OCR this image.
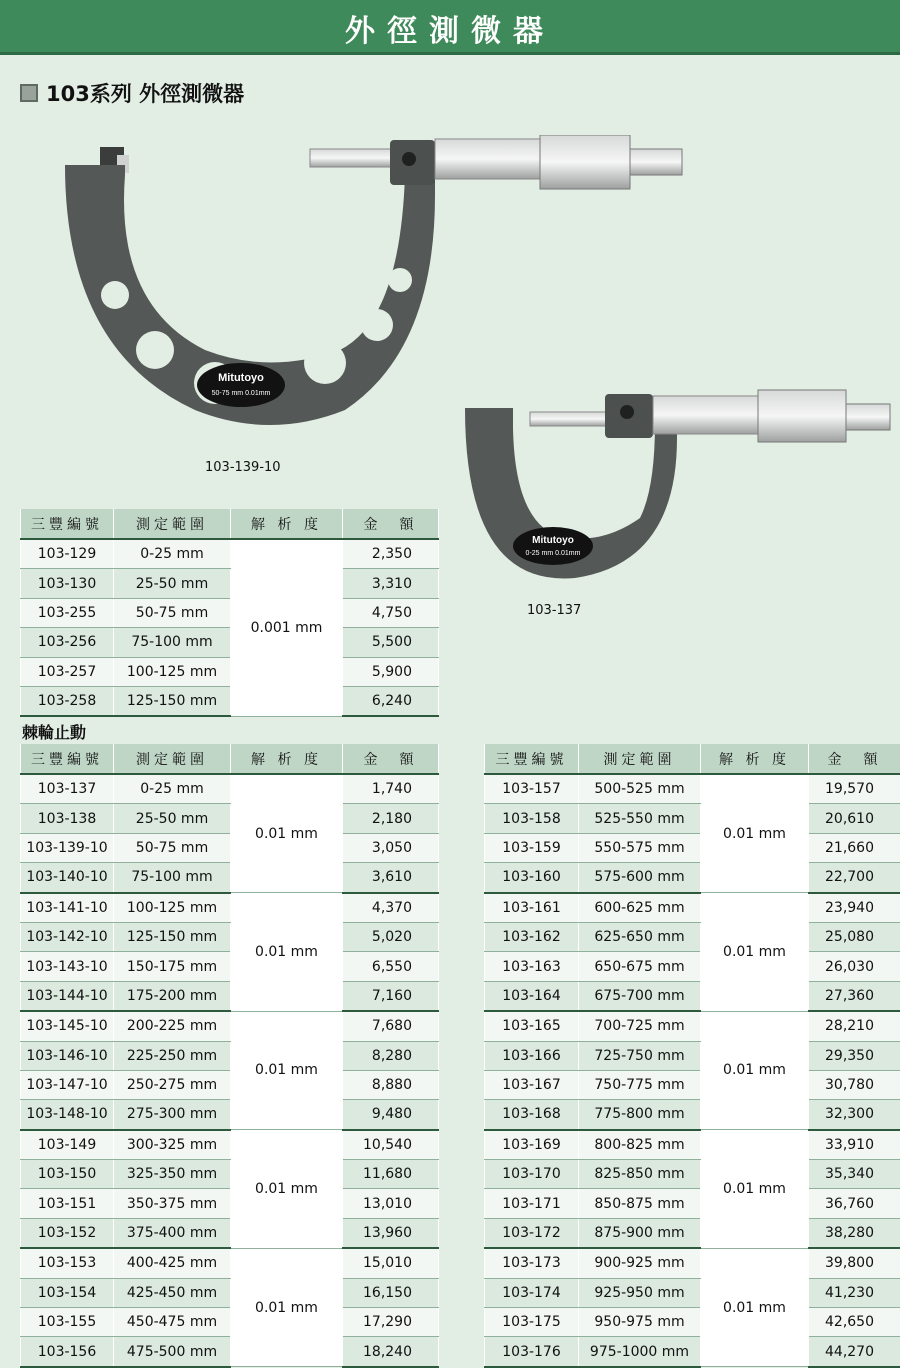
外徑測微器
103系列 外徑測微器
Mitutoyo
50-75 mm 0.01mm
103-139-10
Mitutoyo
0-25 mm 0.01mm
103-137
三豐編號	測定範圍	解 析 度	金　額
103-129	0-25 mm	0.001 mm	2,350
103-130	25-50 mm		3,310
103-255	50-75 mm		4,750
103-256	75-100 mm		5,500
103-257	100-125 mm		5,900
103-258	125-150 mm		6,240
棘輪止動
三豐編號	測定範圍	解 析 度	金　額
103-137	0-25 mm	0.01 mm	1,740
103-138	25-50 mm		2,180
103-139-10	50-75 mm		3,050
103-140-10	75-100 mm		3,610
103-141-10	100-125 mm	0.01 mm	4,370
103-142-10	125-150 mm		5,020
103-143-10	150-175 mm		6,550
103-144-10	175-200 mm		7,160
103-145-10	200-225 mm	0.01 mm	7,680
103-146-10	225-250 mm		8,280
103-147-10	250-275 mm		8,880
103-148-10	275-300 mm		9,480
103-149	300-325 mm	0.01 mm	10,540
103-150	325-350 mm		11,680
103-151	350-375 mm		13,010
103-152	375-400 mm		13,960
103-153	400-425 mm	0.01 mm	15,010
103-154	425-450 mm		16,150
103-155	450-475 mm		17,290
103-156	475-500 mm		18,240
三豐編號	測定範圍	解 析 度	金　額
103-157	500-525 mm	0.01 mm	19,570
103-158	525-550 mm		20,610
103-159	550-575 mm		21,660
103-160	575-600 mm		22,700
103-161	600-625 mm	0.01 mm	23,940
103-162	625-650 mm		25,080
103-163	650-675 mm		26,030
103-164	675-700 mm		27,360
103-165	700-725 mm	0.01 mm	28,210
103-166	725-750 mm		29,350
103-167	750-775 mm		30,780
103-168	775-800 mm		32,300
103-169	800-825 mm	0.01 mm	33,910
103-170	825-850 mm		35,340
103-171	850-875 mm		36,760
103-172	875-900 mm		38,280
103-173	900-925 mm	0.01 mm	39,800
103-174	925-950 mm		41,230
103-175	950-975 mm		42,650
103-176	975-1000 mm		44,270
